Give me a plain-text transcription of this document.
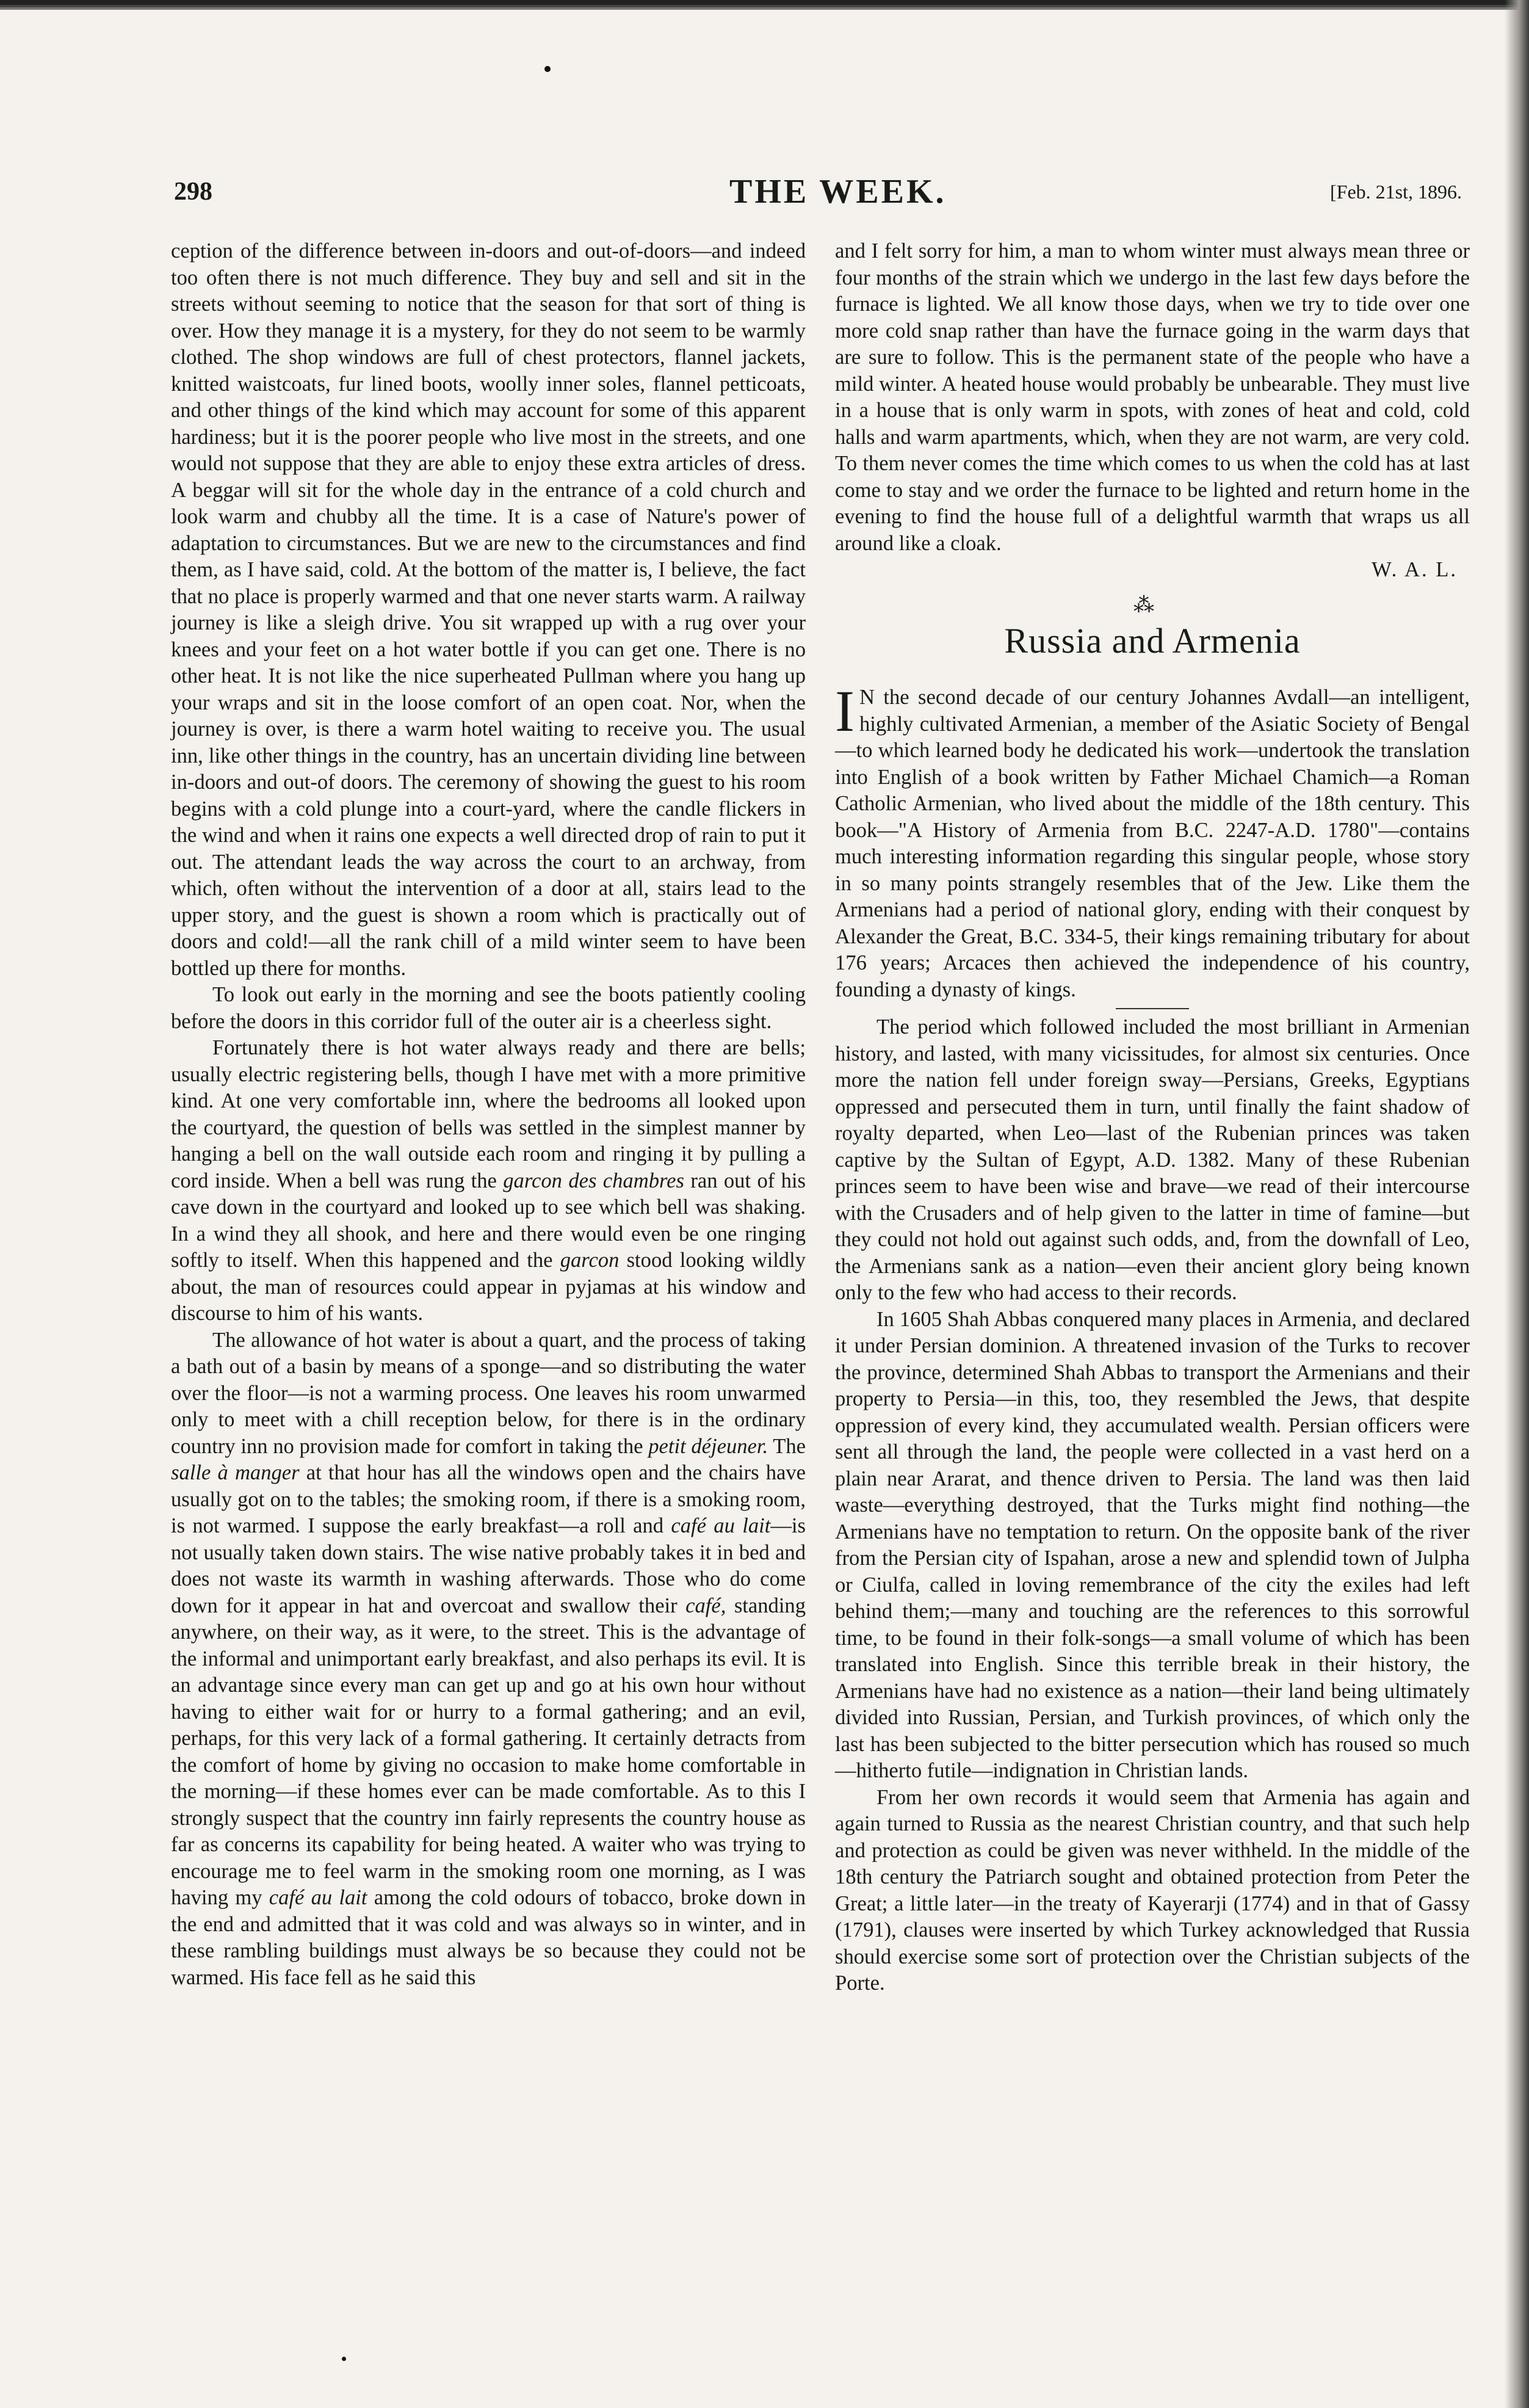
298	THE WEEK.	[Feb. 21st, 1896.

ception of the difference between in-doors and out-of-doors—and indeed too often there is not much difference. They buy and sell and sit in the streets without seeming to notice that the season for that sort of thing is over. How they manage it is a mystery, for they do not seem to be warmly clothed. The shop windows are full of chest protectors, flannel jackets, knitted waistcoats, fur lined boots, woolly inner soles, flannel petticoats, and other things of the kind which may account for some of this apparent hardiness; but it is the poorer people who live most in the streets, and one would not suppose that they are able to enjoy these extra articles of dress. A beggar will sit for the whole day in the entrance of a cold church and look warm and chubby all the time. It is a case of Nature's power of adaptation to circumstances. But we are new to the circumstances and find them, as I have said, cold. At the bottom of the matter is, I believe, the fact that no place is properly warmed and that one never starts warm. A railway journey is like a sleigh drive. You sit wrapped up with a rug over your knees and your feet on a hot water bottle if you can get one. There is no other heat. It is not like the nice superheated Pullman where you hang up your wraps and sit in the loose comfort of an open coat. Nor, when the journey is over, is there a warm hotel waiting to receive you. The usual inn, like other things in the country, has an uncertain dividing line between in-doors and out-of doors. The ceremony of showing the guest to his room begins with a cold plunge into a court-yard, where the candle flickers in the wind and when it rains one expects a well directed drop of rain to put it out. The attendant leads the way across the court to an archway, from which, often without the intervention of a door at all, stairs lead to the upper story, and the guest is shown a room which is practically out of doors and cold!—all the rank chill of a mild winter seem to have been bottled up there for months.

To look out early in the morning and see the boots patiently cooling before the doors in this corridor full of the outer air is a cheerless sight.

Fortunately there is hot water always ready and there are bells; usually electric registering bells, though I have met with a more primitive kind. At one very comfortable inn, where the bedrooms all looked upon the courtyard, the question of bells was settled in the simplest manner by hanging a bell on the wall outside each room and ringing it by pulling a cord inside. When a bell was rung the garcon des chambres ran out of his cave down in the courtyard and looked up to see which bell was shaking. In a wind they all shook, and here and there would even be one ringing softly to itself. When this happened and the garcon stood looking wildly about, the man of resources could appear in pyjamas at his window and discourse to him of his wants.

The allowance of hot water is about a quart, and the process of taking a bath out of a basin by means of a sponge—and so distributing the water over the floor—is not a warming process. One leaves his room unwarmed only to meet with a chill reception below, for there is in the ordinary country inn no provision made for comfort in taking the petit déjeuner. The salle à manger at that hour has all the windows open and the chairs have usually got on to the tables; the smoking room, if there is a smoking room, is not warmed. I suppose the early breakfast—a roll and café au lait—is not usually taken down stairs. The wise native probably takes it in bed and does not waste its warmth in washing afterwards. Those who do come down for it appear in hat and overcoat and swallow their café, standing anywhere, on their way, as it were, to the street. This is the advantage of the informal and unimportant early breakfast, and also perhaps its evil. It is an advantage since every man can get up and go at his own hour without having to either wait for or hurry to a formal gathering; and an evil, perhaps, for this very lack of a formal gathering. It certainly detracts from the comfort of home by giving no occasion to make home comfortable in the morning—if these homes ever can be made comfortable. As to this I strongly suspect that the country inn fairly represents the country house as far as concerns its capability for being heated. A waiter who was trying to encourage me to feel warm in the smoking room one morning, as I was having my café au lait among the cold odours of tobacco, broke down in the end and admitted that it was cold and was always so in winter, and in these rambling buildings must always be so because they could not be warmed. His face fell as he said this

and I felt sorry for him, a man to whom winter must always mean three or four months of the strain which we undergo in the last few days before the furnace is lighted. We all know those days, when we try to tide over one more cold snap rather than have the furnace going in the warm days that are sure to follow. This is the permanent state of the people who have a mild winter. A heated house would probably be unbearable. They must live in a house that is only warm in spots, with zones of heat and cold, cold halls and warm apartments, which, when they are not warm, are very cold. To them never comes the time which comes to us when the cold has at last come to stay and we order the furnace to be lighted and return home in the evening to find the house full of a delightful warmth that wraps us all around like a cloak.

W. A. L.
⁂
Russia and Armenia

I N the second decade of our century Johannes Avdall—an intelligent, highly cultivated Armenian, a member of the Asiatic Society of Bengal—to which learned body he dedicated his work—undertook the translation into English of a book written by Father Michael Chamich—a Roman Catholic Armenian, who lived about the middle of the 18th century. This book—"A History of Armenia from B.C. 2247-A.D. 1780"—contains much interesting information regarding this singular people, whose story in so many points strangely resembles that of the Jew. Like them the Armenians had a period of national glory, ending with their conquest by Alexander the Great, B.C. 334-5, their kings remaining tributary for about 176 years; Arcaces then achieved the independence of his country, founding a dynasty of kings.

The period which followed included the most brilliant in Armenian history, and lasted, with many vicissitudes, for almost six centuries. Once more the nation fell under foreign sway—Persians, Greeks, Egyptians oppressed and persecuted them in turn, until finally the faint shadow of royalty departed, when Leo—last of the Rubenian princes was taken captive by the Sultan of Egypt, A.D. 1382. Many of these Rubenian princes seem to have been wise and brave—we read of their intercourse with the Crusaders and of help given to the latter in time of famine—but they could not hold out against such odds, and, from the downfall of Leo, the Armenians sank as a nation—even their ancient glory being known only to the few who had access to their records.

In 1605 Shah Abbas conquered many places in Armenia, and declared it under Persian dominion. A threatened invasion of the Turks to recover the province, determined Shah Abbas to transport the Armenians and their property to Persia—in this, too, they resembled the Jews, that despite oppression of every kind, they accumulated wealth. Persian officers were sent all through the land, the people were collected in a vast herd on a plain near Ararat, and thence driven to Persia. The land was then laid waste—everything destroyed, that the Turks might find nothing—the Armenians have no temptation to return. On the opposite bank of the river from the Persian city of Ispahan, arose a new and splendid town of Julpha or Ciulfa, called in loving remembrance of the city the exiles had left behind them;—many and touching are the references to this sorrowful time, to be found in their folk-songs—a small volume of which has been translated into English. Since this terrible break in their history, the Armenians have had no existence as a nation—their land being ultimately divided into Russian, Persian, and Turkish provinces, of which only the last has been subjected to the bitter persecution which has roused so much—hitherto futile—indignation in Christian lands.

From her own records it would seem that Armenia has again and again turned to Russia as the nearest Christian country, and that such help and protection as could be given was never withheld. In the middle of the 18th century the Patriarch sought and obtained protection from Peter the Great; a little later—in the treaty of Kayerarji (1774) and in that of Gassy (1791), clauses were inserted by which Turkey acknowledged that Russia should exercise some sort of protection over the Christian subjects of the Porte.
